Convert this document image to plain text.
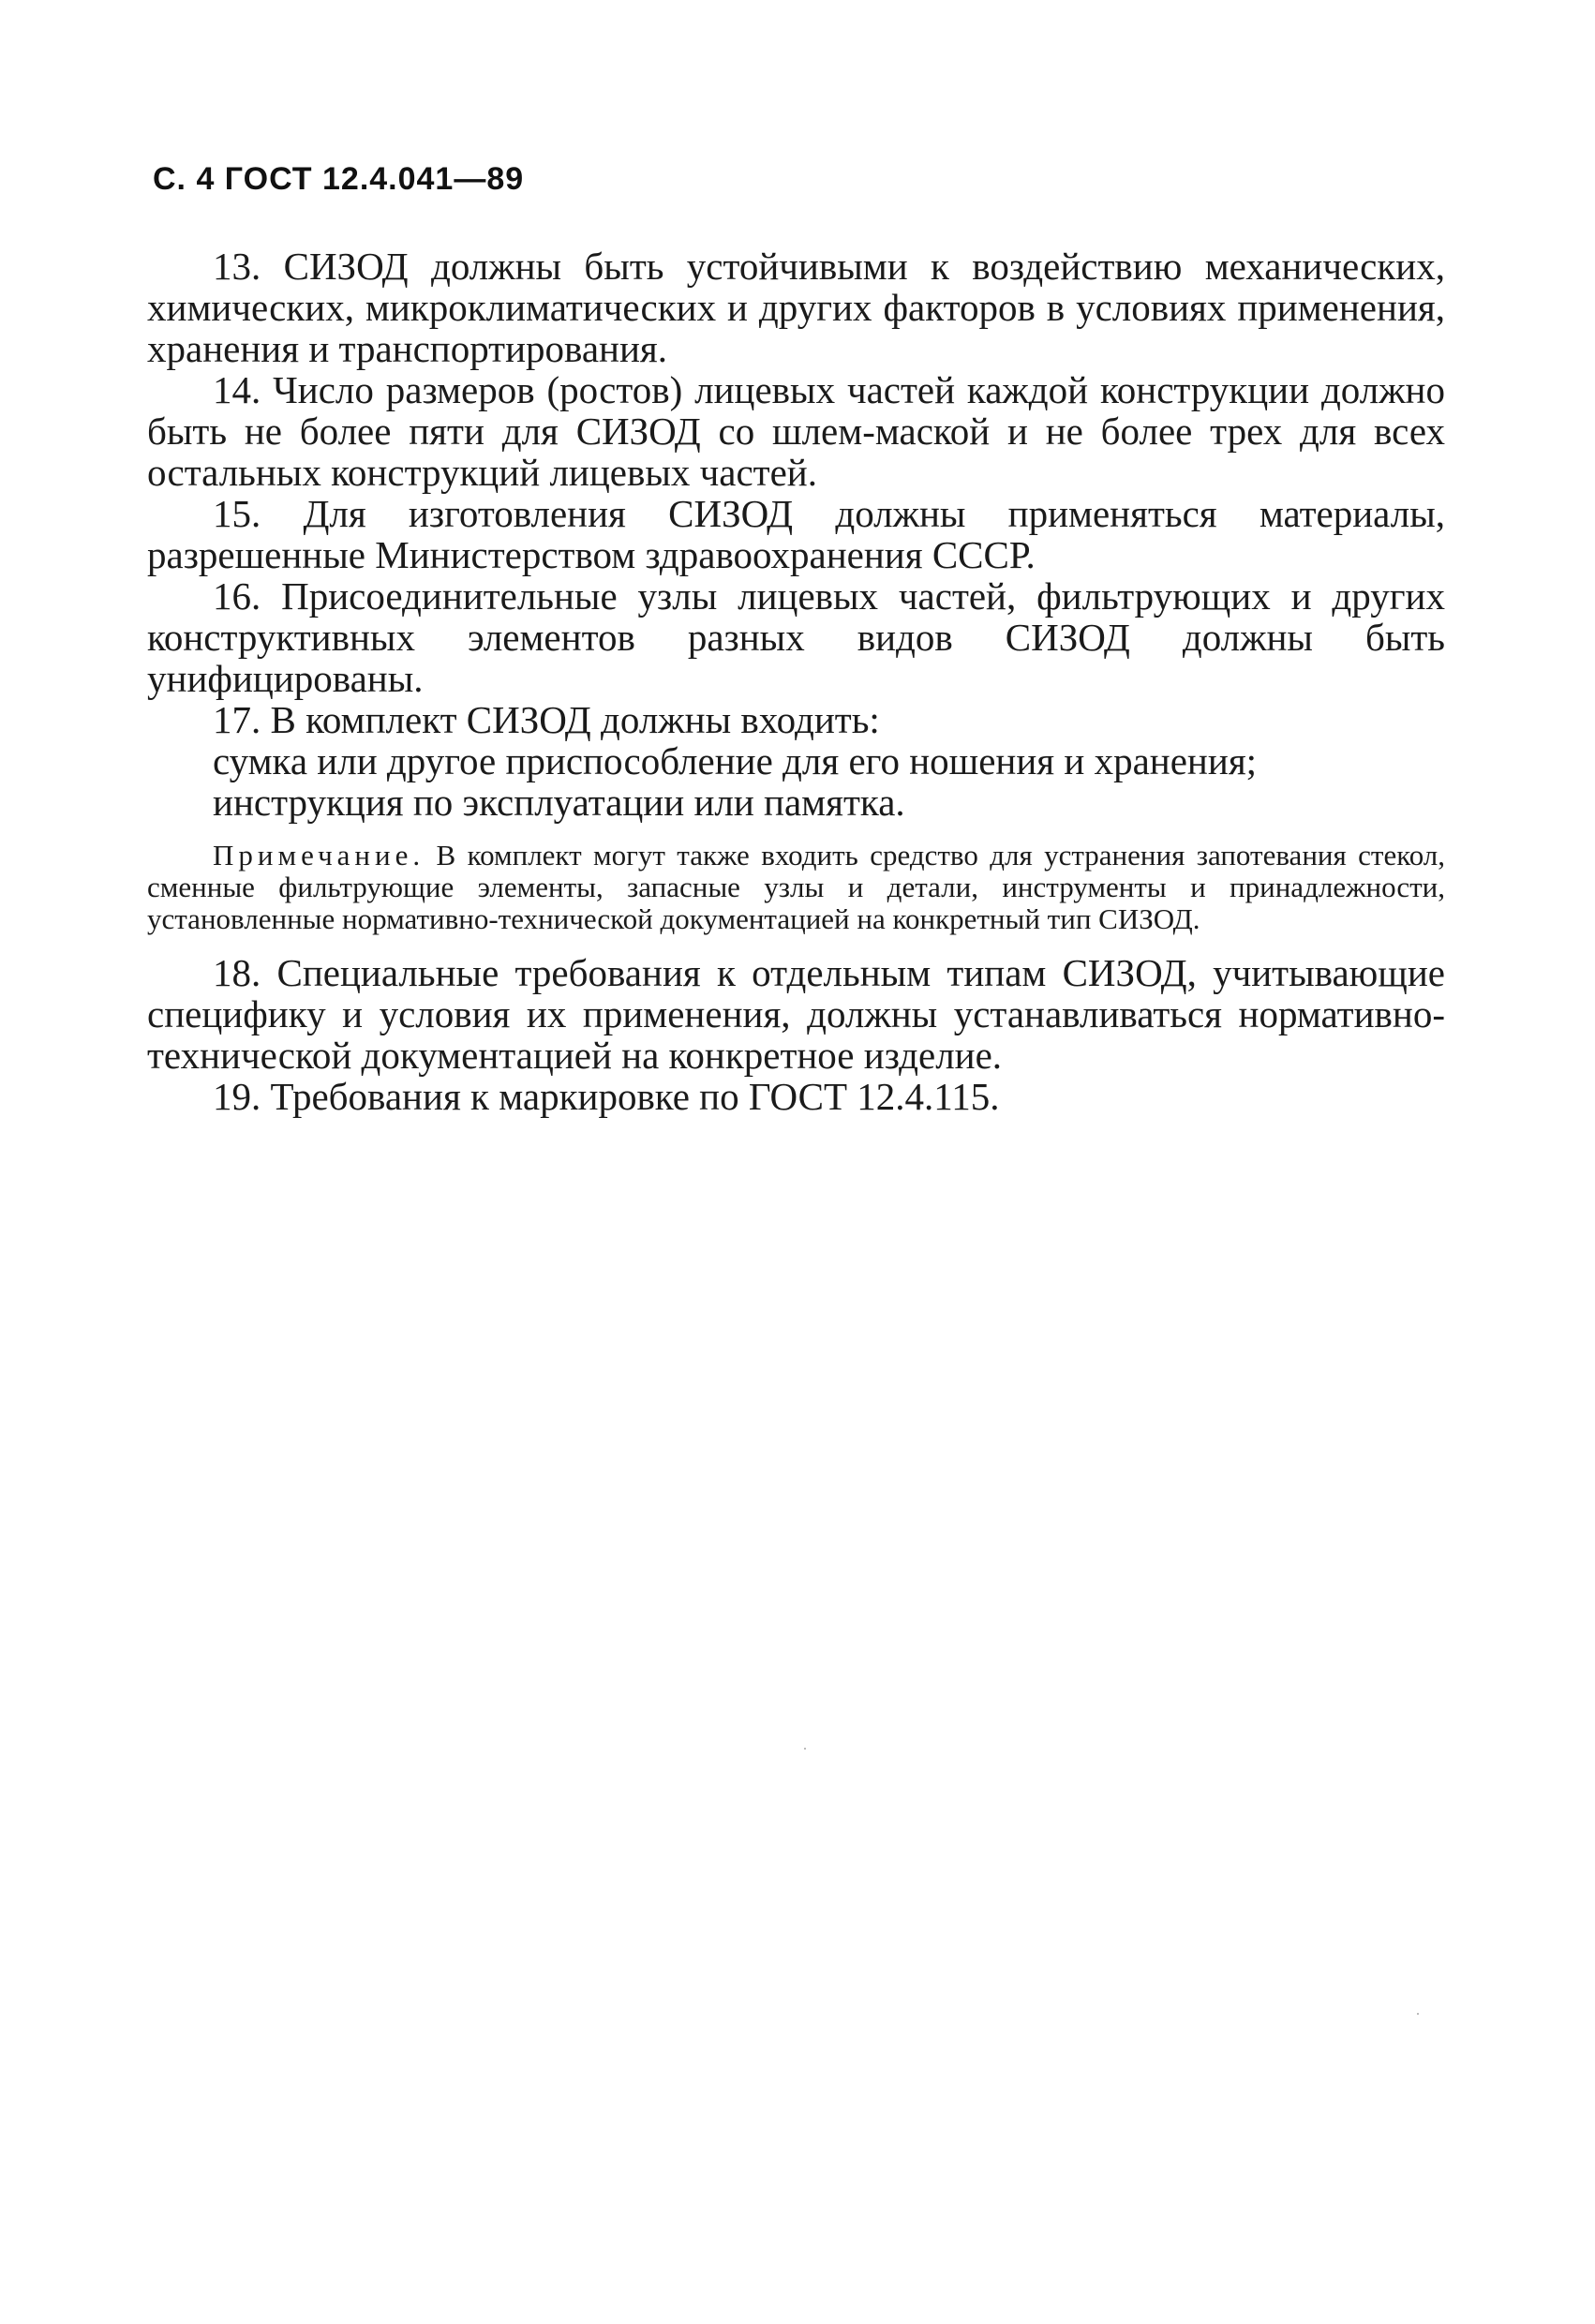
С. 4 ГОСТ 12.4.041—89

13. СИЗОД должны быть устойчивыми к воздействию механических, химических, микроклиматических и других факторов в условиях применения, хранения и транспортирования.

14. Число размеров (ростов) лицевых частей каждой конструкции должно быть не более пяти для СИЗОД со шлем-маской и не более трех для всех остальных конструкций лицевых частей.

15. Для изготовления СИЗОД должны применяться материалы, разрешенные Министерством здравоохранения СССР.

16. Присоединительные узлы лицевых частей, фильтрующих и других конструктивных элементов разных видов СИЗОД должны быть унифицированы.

17. В комплект СИЗОД должны входить:

сумка или другое приспособление для его ношения и хранения;

инструкция по эксплуатации или памятка.

Примечание. В комплект могут также входить средство для устранения запотевания стекол, сменные фильтрующие элементы, запасные узлы и детали, инструменты и принадлежности, установленные нормативно-технической документацией на конкретный тип СИЗОД.

18. Специальные требования к отдельным типам СИЗОД, учитывающие специфику и условия их применения, должны устанавливаться нормативно-технической документацией на конкретное изделие.

19. Требования к маркировке по ГОСТ 12.4.115.
